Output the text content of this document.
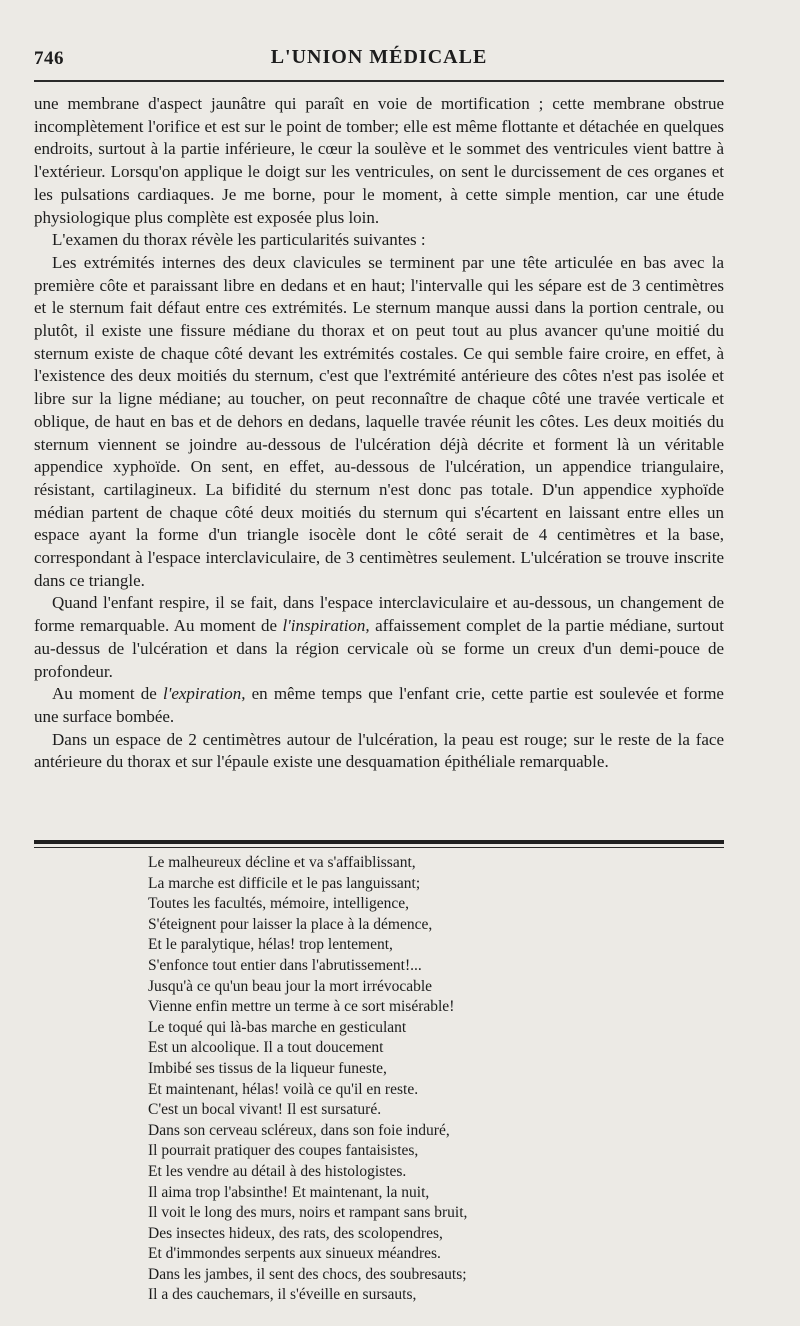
746	L'UNION MÉDICALE

une membrane d'aspect jaunâtre qui paraît en voie de mortification ; cette membrane obstrue incomplètement l'orifice et est sur le point de tomber; elle est même flottante et détachée en quelques endroits, surtout à la partie inférieure, le cœur la soulève et le sommet des ventricules vient battre à l'extérieur. Lorsqu'on applique le doigt sur les ventricules, on sent le durcissement de ces organes et les pulsations cardiaques. Je me borne, pour le moment, à cette simple mention, car une étude physiologique plus complète est exposée plus loin.

L'examen du thorax révèle les particularités suivantes :

Les extrémités internes des deux clavicules se terminent par une tête articulée en bas avec la première côte et paraissant libre en dedans et en haut; l'intervalle qui les sépare est de 3 centimètres et le sternum fait défaut entre ces extrémités. Le sternum manque aussi dans la portion centrale, ou plutôt, il existe une fissure médiane du thorax et on peut tout au plus avancer qu'une moitié du sternum existe de chaque côté devant les extrémités costales. Ce qui semble faire croire, en effet, à l'existence des deux moitiés du sternum, c'est que l'extrémité antérieure des côtes n'est pas isolée et libre sur la ligne médiane; au toucher, on peut reconnaître de chaque côté une travée verticale et oblique, de haut en bas et de dehors en dedans, laquelle travée réunit les côtes. Les deux moitiés du sternum viennent se joindre au-dessous de l'ulcération déjà décrite et forment là un véritable appendice xyphoïde. On sent, en effet, au-dessous de l'ulcération, un appendice triangulaire, résistant, cartilagineux. La bifidité du sternum n'est donc pas totale. D'un appendice xyphoïde médian partent de chaque côté deux moitiés du sternum qui s'écartent en laissant entre elles un espace ayant la forme d'un triangle isocèle dont le côté serait de 4 centimètres et la base, correspondant à l'espace interclaviculaire, de 3 centimètres seulement. L'ulcération se trouve inscrite dans ce triangle.

Quand l'enfant respire, il se fait, dans l'espace interclaviculaire et au-dessous, un changement de forme remarquable. Au moment de l'inspiration, affaissement complet de la partie médiane, surtout au-dessus de l'ulcération et dans la région cervicale où se forme un creux d'un demi-pouce de profondeur.

Au moment de l'expiration, en même temps que l'enfant crie, cette partie est soulevée et forme une surface bombée.

Dans un espace de 2 centimètres autour de l'ulcération, la peau est rouge; sur le reste de la face antérieure du thorax et sur l'épaule existe une desquamation épithéliale remarquable.

Le malheureux décline et va s'affaiblissant,
La marche est difficile et le pas languissant;
Toutes les facultés, mémoire, intelligence,
S'éteignent pour laisser la place à la démence,
Et le paralytique, hélas! trop lentement,
S'enfonce tout entier dans l'abrutissement!...
Jusqu'à ce qu'un beau jour la mort irrévocable
Vienne enfin mettre un terme à ce sort misérable!
Le toqué qui là-bas marche en gesticulant
Est un alcoolique. Il a tout doucement
Imbibé ses tissus de la liqueur funeste,
Et maintenant, hélas! voilà ce qu'il en reste.
C'est un bocal vivant! Il est sursaturé.
Dans son cerveau scléreux, dans son foie induré,
Il pourrait pratiquer des coupes fantaisistes,
Et les vendre au détail à des histologistes.
Il aima trop l'absinthe! Et maintenant, la nuit,
Il voit le long des murs, noirs et rampant sans bruit,
Des insectes hideux, des rats, des scolopendres,
Et d'immondes serpents aux sinueux méandres.
Dans les jambes, il sent des chocs, des soubresauts;
Il a des cauchemars, il s'éveille en sursauts,
